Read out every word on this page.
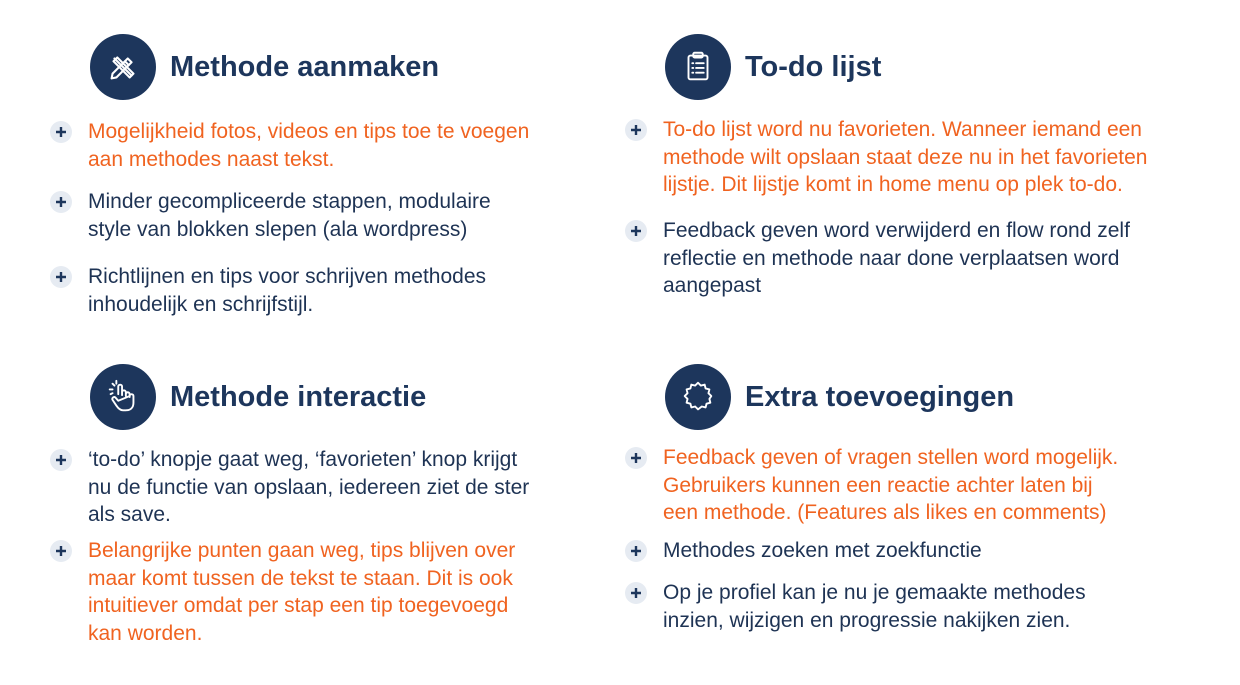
Methode aanmaken
Mogelijkheid fotos, videos en tips toe te voegen
aan methodes naast tekst.
Minder gecompliceerde stappen, modulaire
style van blokken slepen (ala wordpress)
Richtlijnen en tips voor schrijven methodes
inhoudelijk en schrijfstijl.
To-do lijst
To-do lijst word nu favorieten. Wanneer iemand een
methode wilt opslaan staat deze nu in het favorieten
lijstje. Dit lijstje komt in home menu op plek to-do.
Feedback geven word verwijderd en flow rond zelf
reflectie en methode naar done verplaatsen word
aangepast
Methode interactie
‘to-do’ knopje gaat weg, ‘favorieten’ knop krijgt
nu de functie van opslaan, iedereen ziet de ster
als save.
Belangrijke punten gaan weg, tips blijven over
maar komt tussen de tekst te staan. Dit is ook
intuitiever omdat per stap een tip toegevoegd
kan worden.
Extra toevoegingen
Feedback geven of vragen stellen word mogelijk.
Gebruikers kunnen een reactie achter laten bij
een methode. (Features als likes en comments)
Methodes zoeken met zoekfunctie
Op je profiel kan je nu je gemaakte methodes
inzien, wijzigen en progressie nakijken zien.
